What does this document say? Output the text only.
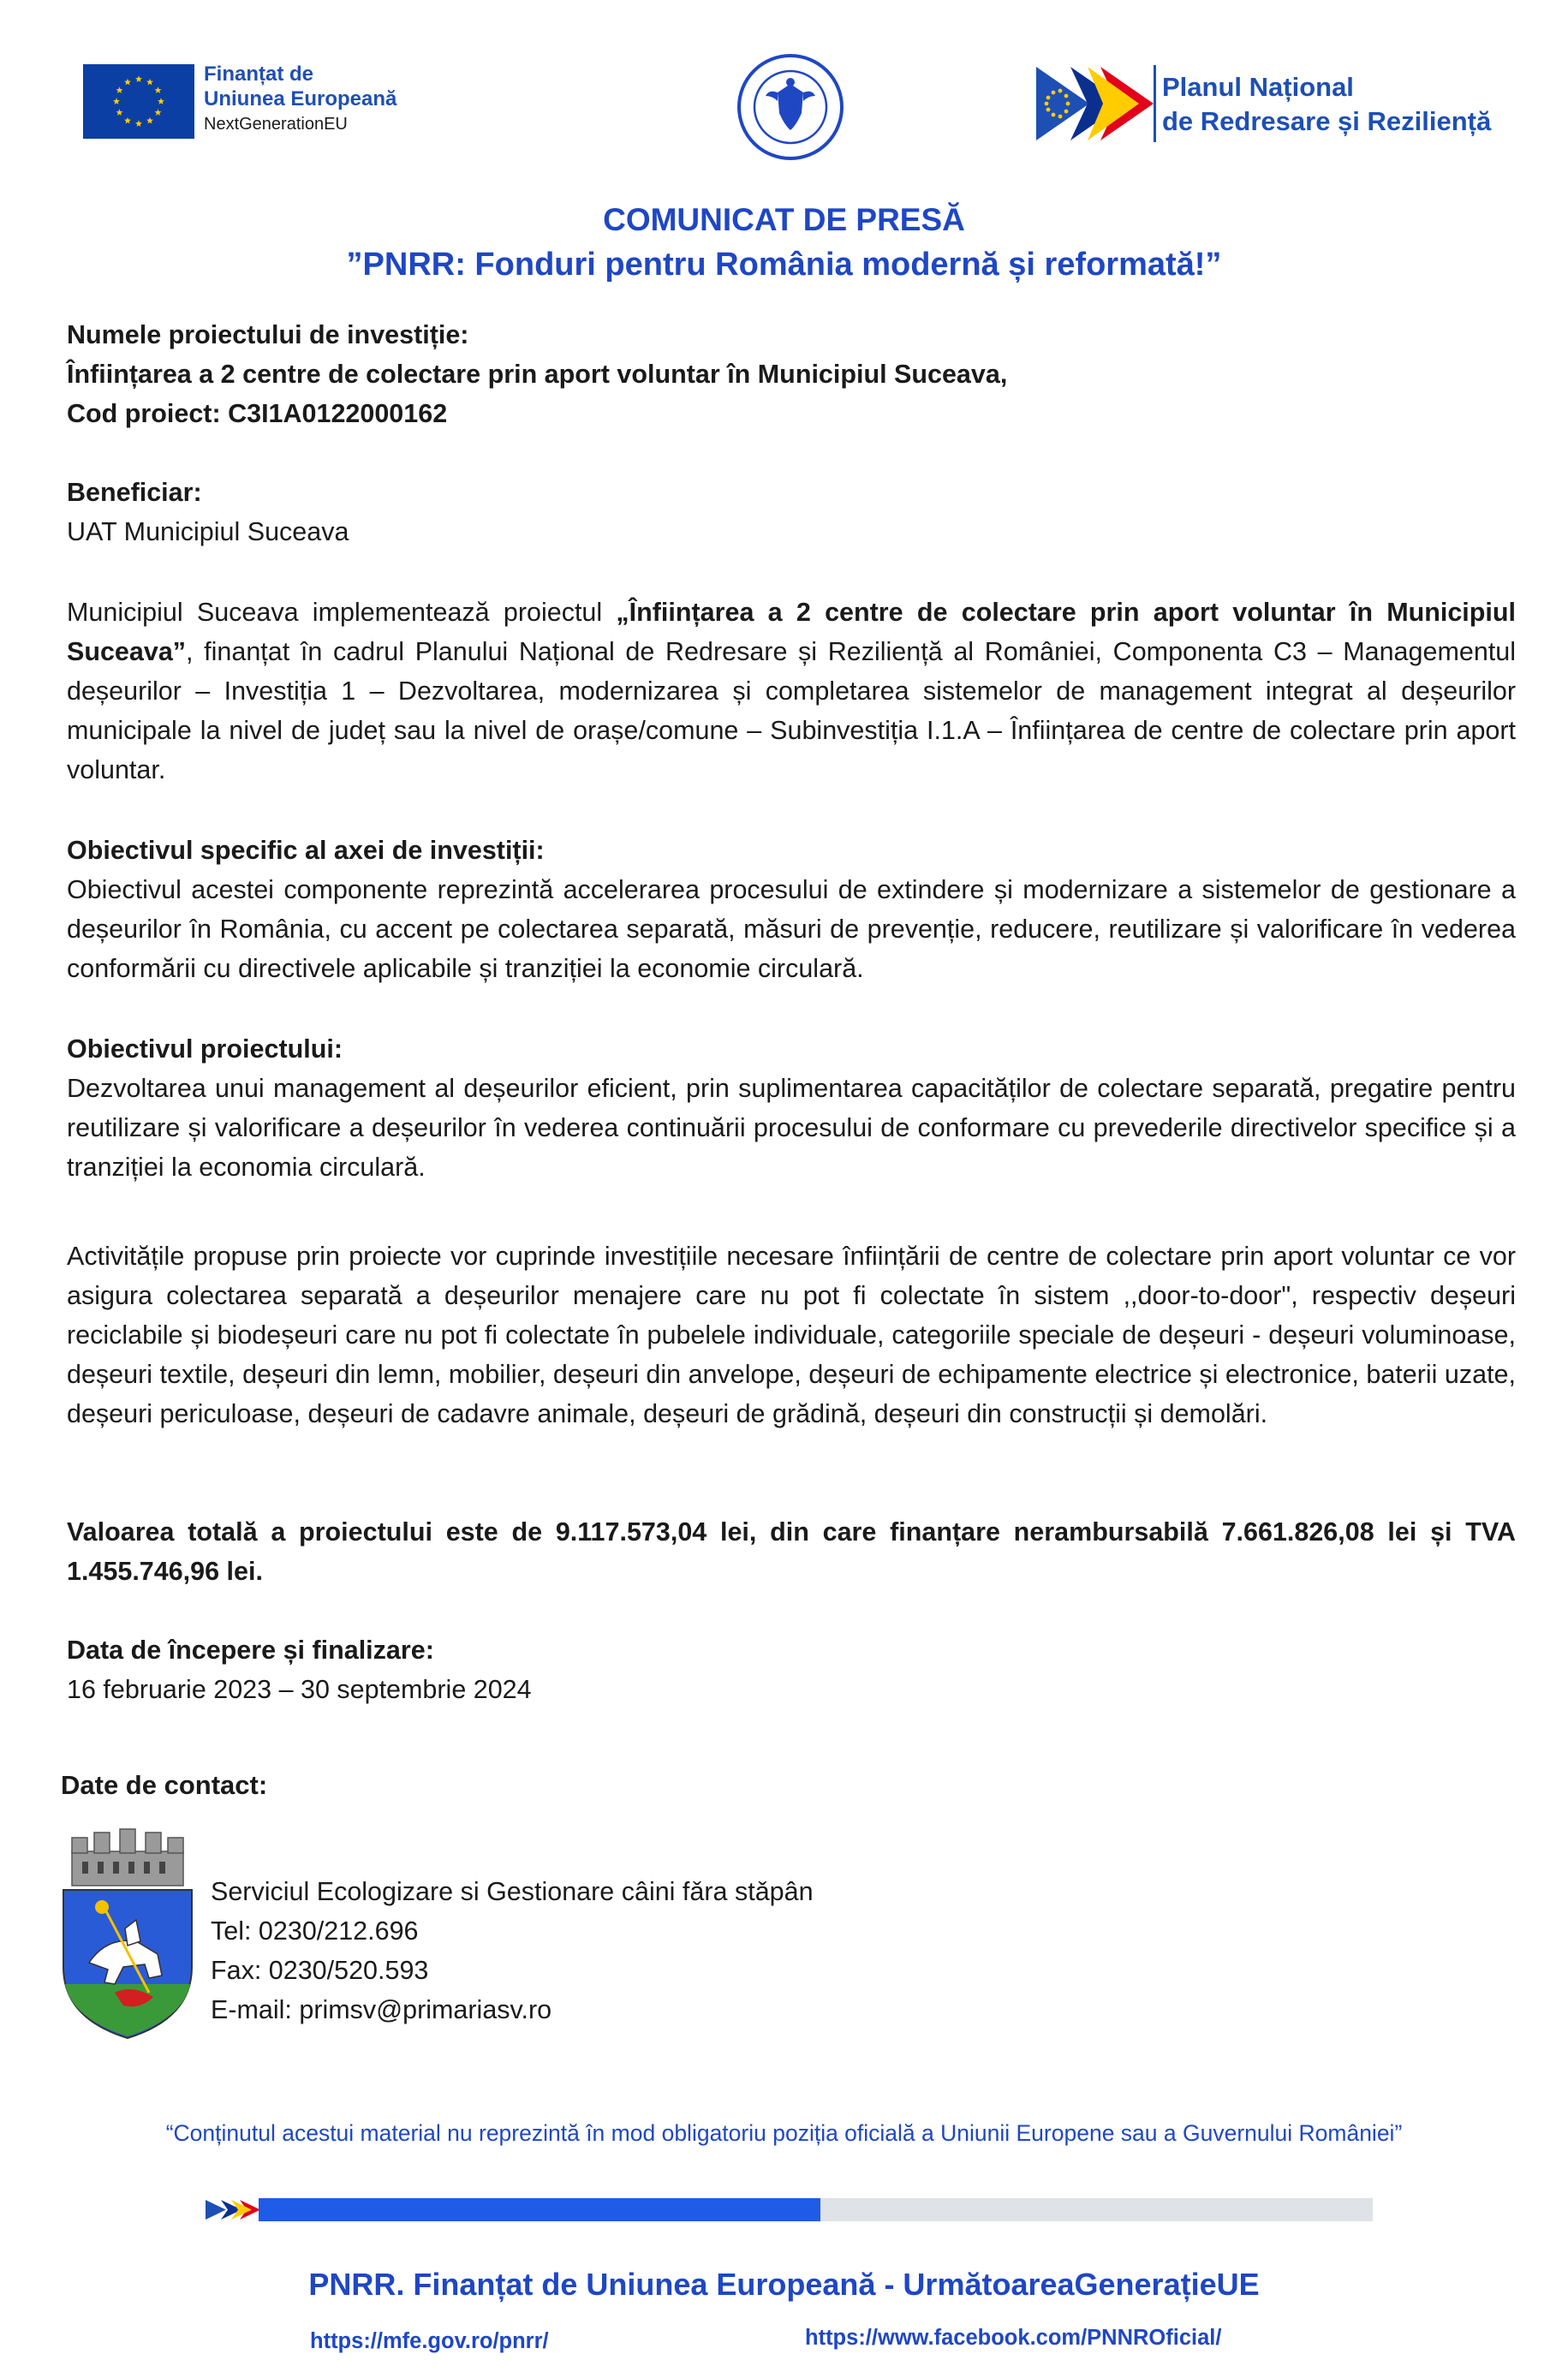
Finanțat de
Uniunea Europeană
NextGenerationEU
Planul Național
de Redresare și Reziliență
COMUNICAT DE PRESĂ
”PNRR: Fonduri pentru România modernă și reformată!”
Numele proiectului de investiție:
Înființarea a 2 centre de colectare prin aport voluntar în Municipiul Suceava,
Cod proiect: C3I1A0122000162
Beneficiar:
UAT Municipiul Suceava
Municipiul Suceava implementează proiectul „Înființarea a 2 centre de colectare prin aport voluntar în Municipiul Suceava”, finanțat în cadrul Planului Național de Redresare și Reziliență al României, Componenta C3 – Managementul deșeurilor – Investiția 1 – Dezvoltarea, modernizarea și completarea sistemelor de management integrat al deșeurilor municipale la nivel de județ sau la nivel de orașe/comune – Subinvestiția I.1.A – Înființarea de centre de colectare prin aport voluntar.
Obiectivul specific al axei de investiții:
Obiectivul acestei componente reprezintă accelerarea procesului de extindere și modernizare a sistemelor de gestionare a deșeurilor în România, cu accent pe colectarea separată, măsuri de prevenție, reducere, reutilizare și valorificare în vederea conformării cu directivele aplicabile și tranziției la economie circulară.
Obiectivul proiectului:
Dezvoltarea unui management al deșeurilor eficient, prin suplimentarea capacităților de colectare separată, pregatire pentru reutilizare și valorificare a deșeurilor în vederea continuării procesului de conformare cu prevederile directivelor specifice și a tranziției la economia circulară.
Activitățile propuse prin proiecte vor cuprinde investițiile necesare înființării de centre de colectare prin aport voluntar ce vor asigura colectarea separată a deșeurilor menajere care nu pot fi colectate în sistem ,,door-to-door", respectiv deșeuri reciclabile și biodeșeuri care nu pot fi colectate în pubelele individuale, categoriile speciale de deșeuri - deșeuri voluminoase, deșeuri textile, deșeuri din lemn, mobilier, deșeuri din anvelope, deșeuri de echipamente electrice și electronice, baterii uzate, deșeuri periculoase, deșeuri de cadavre animale, deșeuri de grădină, deșeuri din construcții și demolări.
Valoarea totală a proiectului este de 9.117.573,04 lei, din care finanțare nerambursabilă 7.661.826,08 lei și TVA 1.455.746,96 lei.
Data de începere și finalizare:
16 februarie 2023 – 30 septembrie 2024
Date de contact:
Serviciul Ecologizare si Gestionare câini fǎra stǎpân
Tel: 0230/212.696
Fax: 0230/520.593
E-mail: primsv@primariasv.ro
“Conținutul acestui material nu reprezintă în mod obligatoriu poziția oficială a Uniunii Europene sau a Guvernului României”
PNRR. Finanțat de Uniunea Europeană - UrmătoareaGenerațieUE
https://mfe.gov.ro/pnrr/	https://www.facebook.com/PNNROficial/
